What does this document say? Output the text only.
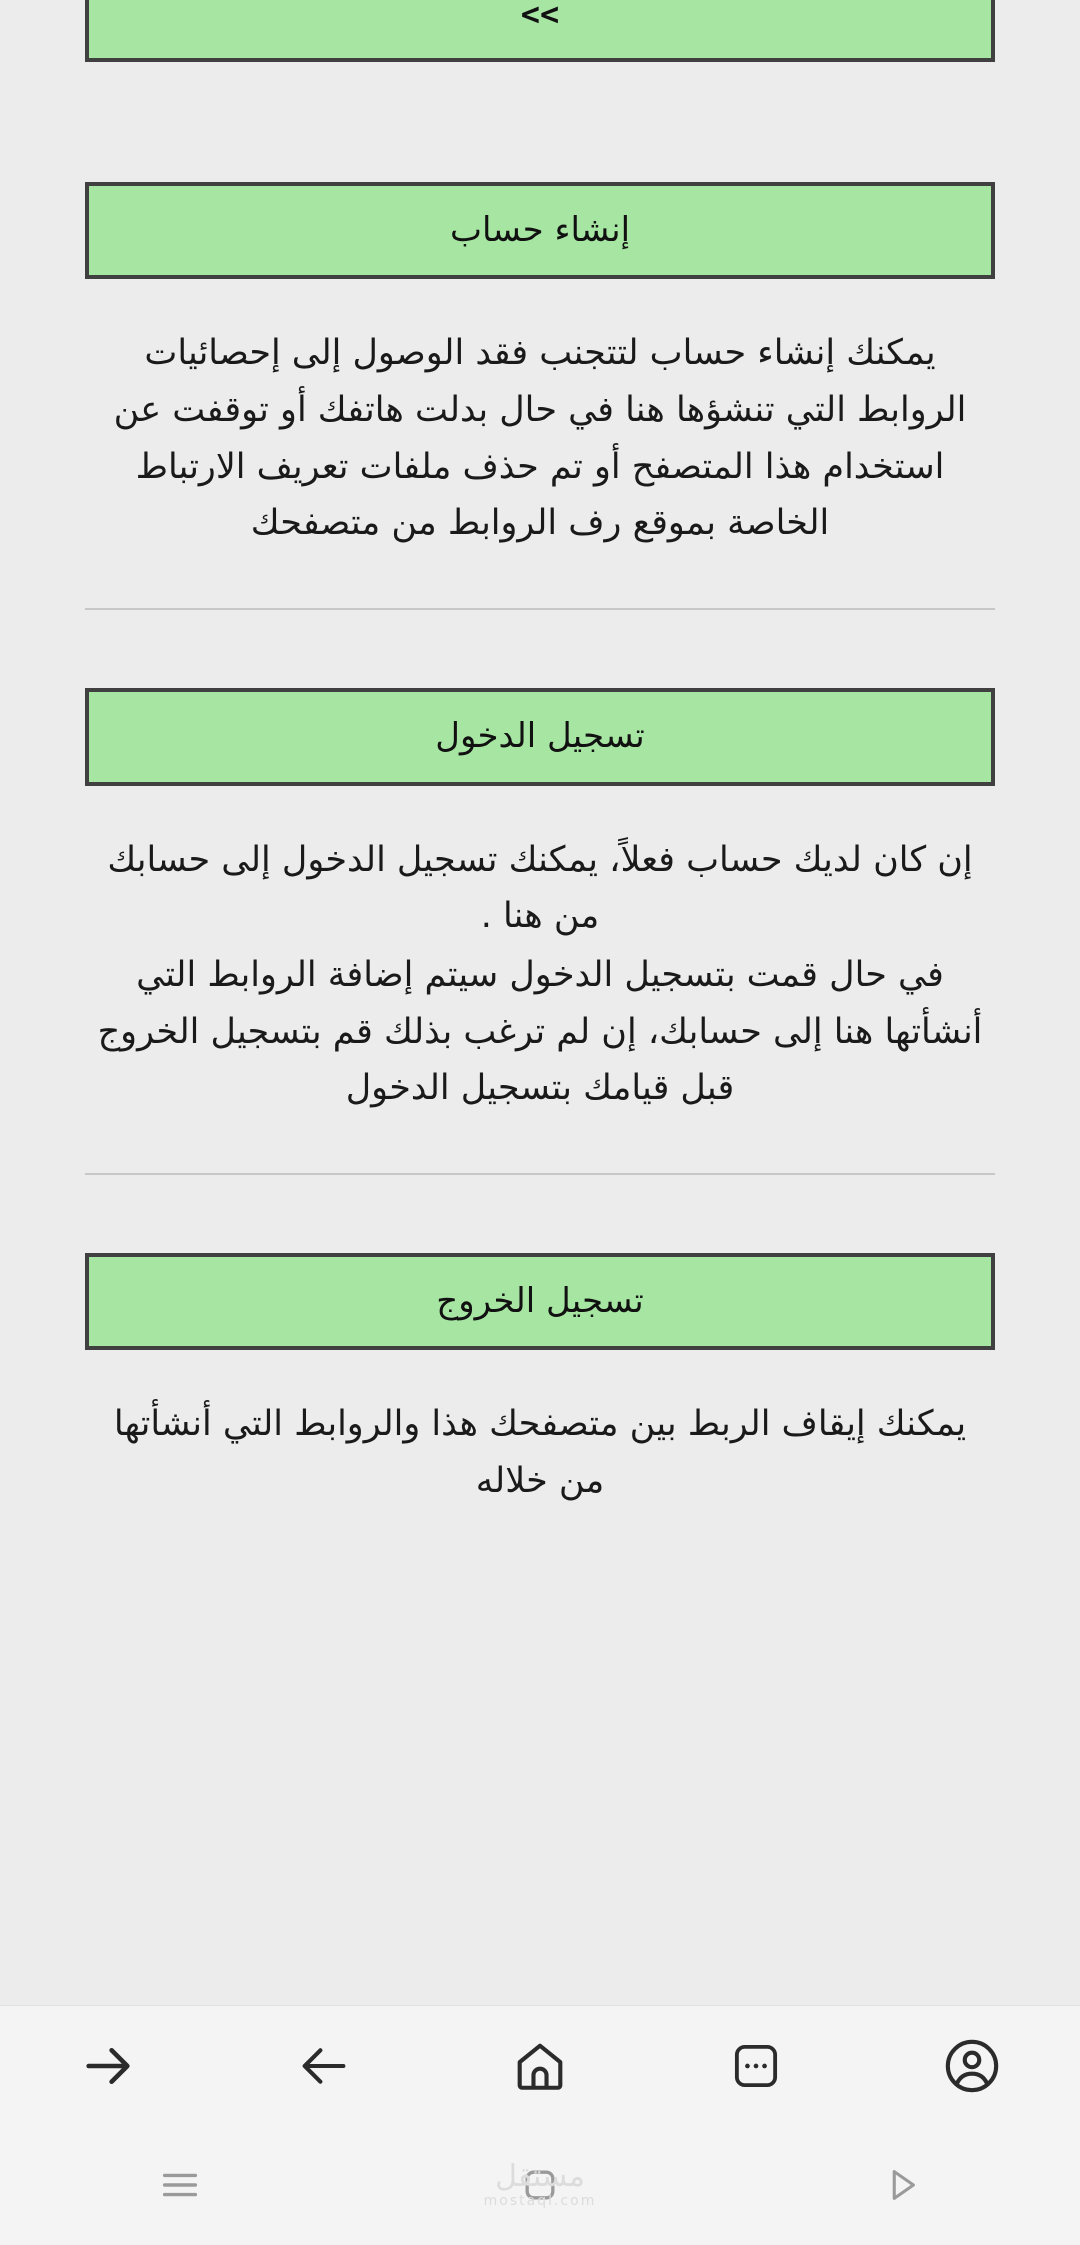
>>
إنشاء حساب

يمكنك إنشاء حساب لتتجنب فقد الوصول إلى إحصائيات الروابط التي تنشؤها هنا في حال بدلت هاتفك أو توقفت عن استخدام هذا المتصفح أو تم حذف ملفات تعريف الارتباط الخاصة بموقع رف الروابط من متصفحك

تسجيل الدخول

إن كان لديك حساب فعلاً، يمكنك تسجيل الدخول إلى حسابك من هنا .

في حال قمت بتسجيل الدخول سيتم إضافة الروابط التي أنشأتها هنا إلى حسابك، إن لم ترغب بذلك قم بتسجيل الخروج قبل قيامك بتسجيل الدخول

تسجيل الخروج

يمكنك إيقاف الربط بين متصفحك هذا والروابط التي أنشأتها من خلاله

مستقل
mostaql.com
